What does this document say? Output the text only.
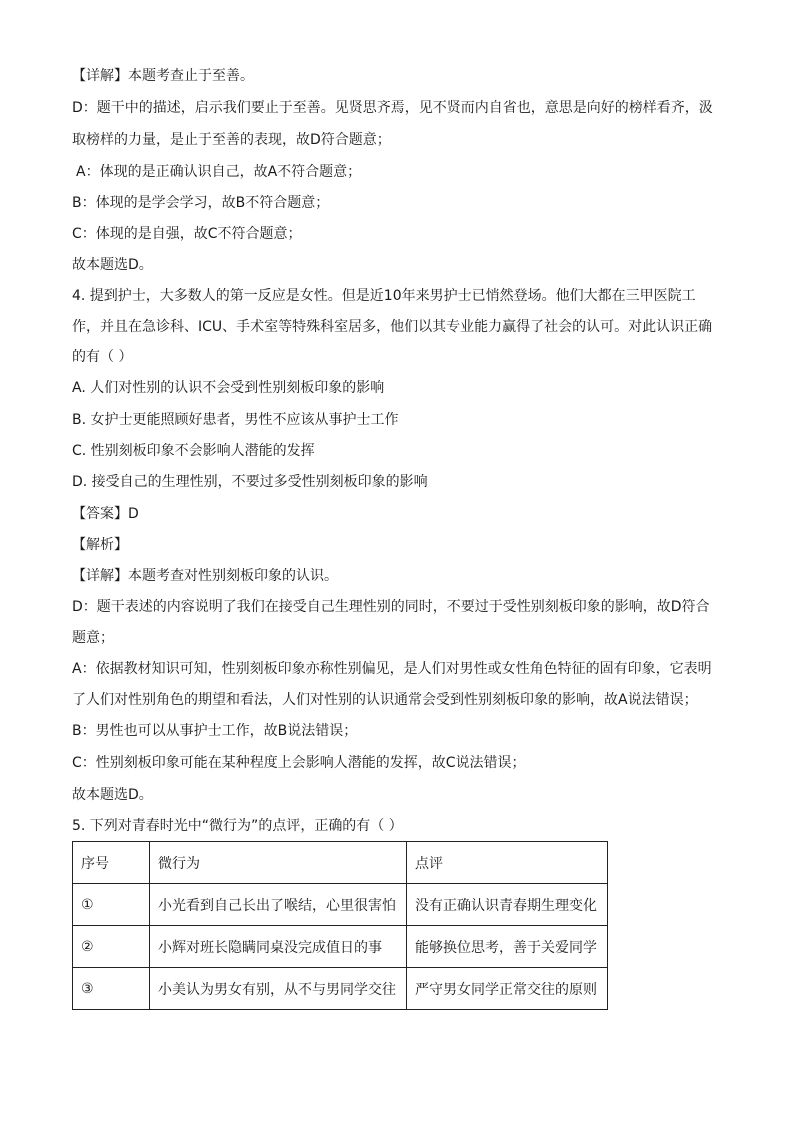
【详解】本题考查止于至善。
D：题干中的描述，启示我们要止于至善。见贤思齐焉，见不贤而内自省也，意思是向好的榜样看齐，汲
取榜样的力量，是止于至善的表现，故D符合题意；
A：体现的是正确认识自己，故A不符合题意；
B：体现的是学会学习，故B不符合题意；
C：体现的是自强，故C不符合题意；
故本题选D。
4. 提到护士，大多数人的第一反应是女性。但是近10年来男护士已悄然登场。他们大都在三甲医院工
作，并且在急诊科、ICU、手术室等特殊科室居多，他们以其专业能力赢得了社会的认可。对此认识正确
的有（ ）
A. 人们对性别的认识不会受到性别刻板印象的影响
B. 女护士更能照顾好患者，男性不应该从事护士工作
C. 性别刻板印象不会影响人潜能的发挥
D. 接受自己的生理性别，不要过多受性别刻板印象的影响
【答案】D
【解析】
【详解】本题考查对性别刻板印象的认识。
D：题干表述的内容说明了我们在接受自己生理性别的同时，不要过于受性别刻板印象的影响，故D符合
题意；
A：依据教材知识可知，性别刻板印象亦称性别偏见，是人们对男性或女性角色特征的固有印象，它表明
了人们对性别角色的期望和看法，人们对性别的认识通常会受到性别刻板印象的影响，故A说法错误；
B：男性也可以从事护士工作，故B说法错误；
C：性别刻板印象可能在某种程度上会影响人潜能的发挥，故C说法错误；
故本题选D。
5. 下列对青春时光中“微行为”的点评，正确的有（ ）
序号	微行为	点评
①	小光看到自己长出了喉结，心里很害怕	没有正确认识青春期生理变化
②	小辉对班长隐瞒同桌没完成值日的事	能够换位思考，善于关爱同学
③	小美认为男女有别，从不与男同学交往	严守男女同学正常交往的原则
